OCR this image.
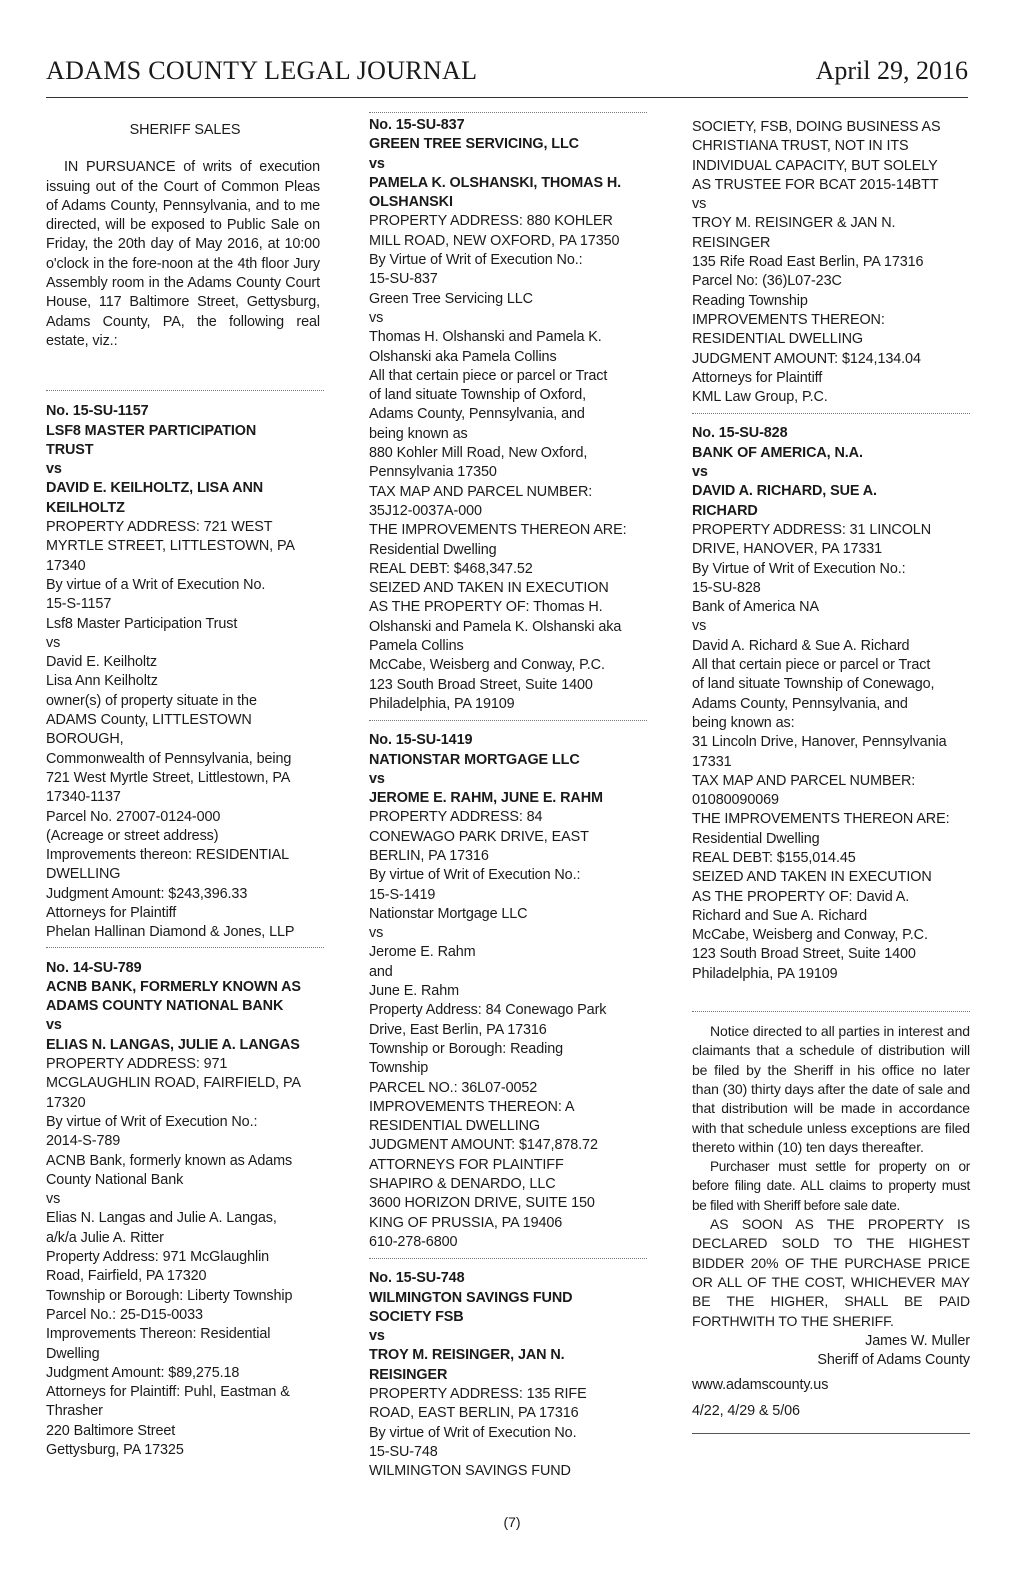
ADAMS COUNTY LEGAL JOURNAL	April 29, 2016
SHERIFF SALES
IN PURSUANCE of writs of execution issuing out of the Court of Common Pleas of Adams County, Pennsylvania, and to me directed, will be exposed to Public Sale on Friday, the 20th day of May 2016, at 10:00 o'clock in the fore-noon at the 4th floor Jury Assembly room in the Adams County Court House, 117 Baltimore Street, Gettysburg, Adams County, PA, the following real estate, viz.:
No. 15-SU-1157
LSF8 MASTER PARTICIPATION
TRUST
vs
DAVID E. KEILHOLTZ, LISA ANN
KEILHOLTZ
PROPERTY ADDRESS: 721 WEST
MYRTLE STREET, LITTLESTOWN, PA
17340
By virtue of a Writ of Execution No.
15-S-1157
Lsf8 Master Participation Trust
vs
David E. Keilholtz
Lisa Ann Keilholtz
owner(s) of property situate in the
ADAMS County, LITTLESTOWN
BOROUGH,
Commonwealth of Pennsylvania, being
721 West Myrtle Street, Littlestown, PA
17340-1137
Parcel No. 27007-0124-000
(Acreage or street address)
Improvements thereon: RESIDENTIAL
DWELLING
Judgment Amount: $243,396.33
Attorneys for Plaintiff
Phelan Hallinan Diamond & Jones, LLP
No. 14-SU-789
ACNB BANK, FORMERLY KNOWN AS
ADAMS COUNTY NATIONAL BANK
vs
ELIAS N. LANGAS, JULIE A. LANGAS
PROPERTY ADDRESS: 971
MCGLAUGHLIN ROAD, FAIRFIELD, PA
17320
By virtue of Writ of Execution No.:
2014-S-789
ACNB Bank, formerly known as Adams
County National Bank
vs
Elias N. Langas and Julie A. Langas,
a/k/a Julie A. Ritter
Property Address: 971 McGlaughlin
Road, Fairfield, PA 17320
Township or Borough: Liberty Township
Parcel No.: 25-D15-0033
Improvements Thereon: Residential
Dwelling
Judgment Amount: $89,275.18
Attorneys for Plaintiff: Puhl, Eastman &
Thrasher
220 Baltimore Street
Gettysburg, PA 17325
No. 15-SU-837
GREEN TREE SERVICING, LLC
vs
PAMELA K. OLSHANSKI, THOMAS H.
OLSHANSKI
PROPERTY ADDRESS: 880 KOHLER
MILL ROAD, NEW OXFORD, PA 17350
By Virtue of Writ of Execution No.:
15-SU-837
Green Tree Servicing LLC
vs
Thomas H. Olshanski and Pamela K.
Olshanski aka Pamela Collins
All that certain piece or parcel or Tract
of land situate Township of Oxford,
Adams County, Pennsylvania, and
being known as
880 Kohler Mill Road, New Oxford,
Pennsylvania 17350
TAX MAP AND PARCEL NUMBER:
35J12-0037A-000
THE IMPROVEMENTS THEREON ARE:
Residential Dwelling
REAL DEBT: $468,347.52
SEIZED AND TAKEN IN EXECUTION
AS THE PROPERTY OF: Thomas H.
Olshanski and Pamela K. Olshanski aka
Pamela Collins
McCabe, Weisberg and Conway, P.C.
123 South Broad Street, Suite 1400
Philadelphia, PA 19109
No. 15-SU-1419
NATIONSTAR MORTGAGE LLC
vs
JEROME E. RAHM, JUNE E. RAHM
PROPERTY ADDRESS: 84
CONEWAGO PARK DRIVE, EAST
BERLIN, PA 17316
By virtue of Writ of Execution No.:
15-S-1419
Nationstar Mortgage LLC
vs
Jerome E. Rahm
and
June E. Rahm
Property Address: 84 Conewago Park
Drive, East Berlin, PA 17316
Township or Borough: Reading
Township
PARCEL NO.: 36L07-0052
IMPROVEMENTS THEREON: A
RESIDENTIAL DWELLING
JUDGMENT AMOUNT: $147,878.72
ATTORNEYS FOR PLAINTIFF
SHAPIRO & DENARDO, LLC
3600 HORIZON DRIVE, SUITE 150
KING OF PRUSSIA, PA 19406
610-278-6800
No. 15-SU-748
WILMINGTON SAVINGS FUND
SOCIETY FSB
vs
TROY M. REISINGER, JAN N.
REISINGER
PROPERTY ADDRESS: 135 RIFE
ROAD, EAST BERLIN, PA 17316
By virtue of Writ of Execution No.
15-SU-748
WILMINGTON SAVINGS FUND
SOCIETY, FSB, DOING BUSINESS AS
CHRISTIANA TRUST, NOT IN ITS
INDIVIDUAL CAPACITY, BUT SOLELY
AS TRUSTEE FOR BCAT 2015-14BTT
vs
TROY M. REISINGER & JAN N.
REISINGER
135 Rife Road East Berlin, PA 17316
Parcel No: (36)L07-23C
Reading Township
IMPROVEMENTS THEREON:
RESIDENTIAL DWELLING
JUDGMENT AMOUNT: $124,134.04
Attorneys for Plaintiff
KML Law Group, P.C.
No. 15-SU-828
BANK OF AMERICA, N.A.
vs
DAVID A. RICHARD, SUE A.
RICHARD
PROPERTY ADDRESS: 31 LINCOLN
DRIVE, HANOVER, PA 17331
By Virtue of Writ of Execution No.:
15-SU-828
Bank of America NA
vs
David A. Richard & Sue A. Richard
All that certain piece or parcel or Tract
of land situate Township of Conewago,
Adams County, Pennsylvania, and
being known as:
31 Lincoln Drive, Hanover, Pennsylvania
17331
TAX MAP AND PARCEL NUMBER:
01080090069
THE IMPROVEMENTS THEREON ARE:
Residential Dwelling
REAL DEBT: $155,014.45
SEIZED AND TAKEN IN EXECUTION
AS THE PROPERTY OF: David A.
Richard and Sue A. Richard
McCabe, Weisberg and Conway, P.C.
123 South Broad Street, Suite 1400
Philadelphia, PA 19109
Notice directed to all parties in interest and claimants that a schedule of distribution will be filed by the Sheriff in his office no later than (30) thirty days after the date of sale and that distribution will be made in accordance with that schedule unless exceptions are filed thereto within (10) ten days thereafter.
Purchaser must settle for property on or before filing date. ALL claims to property must be filed with Sheriff before sale date.
AS SOON AS THE PROPERTY IS DECLARED SOLD TO THE HIGHEST BIDDER 20% OF THE PURCHASE PRICE OR ALL OF THE COST, WHICHEVER MAY BE THE HIGHER, SHALL BE PAID FORTHWITH TO THE SHERIFF.
James W. Muller
Sheriff of Adams County
www.adamscounty.us
4/22, 4/29 & 5/06
(7)
